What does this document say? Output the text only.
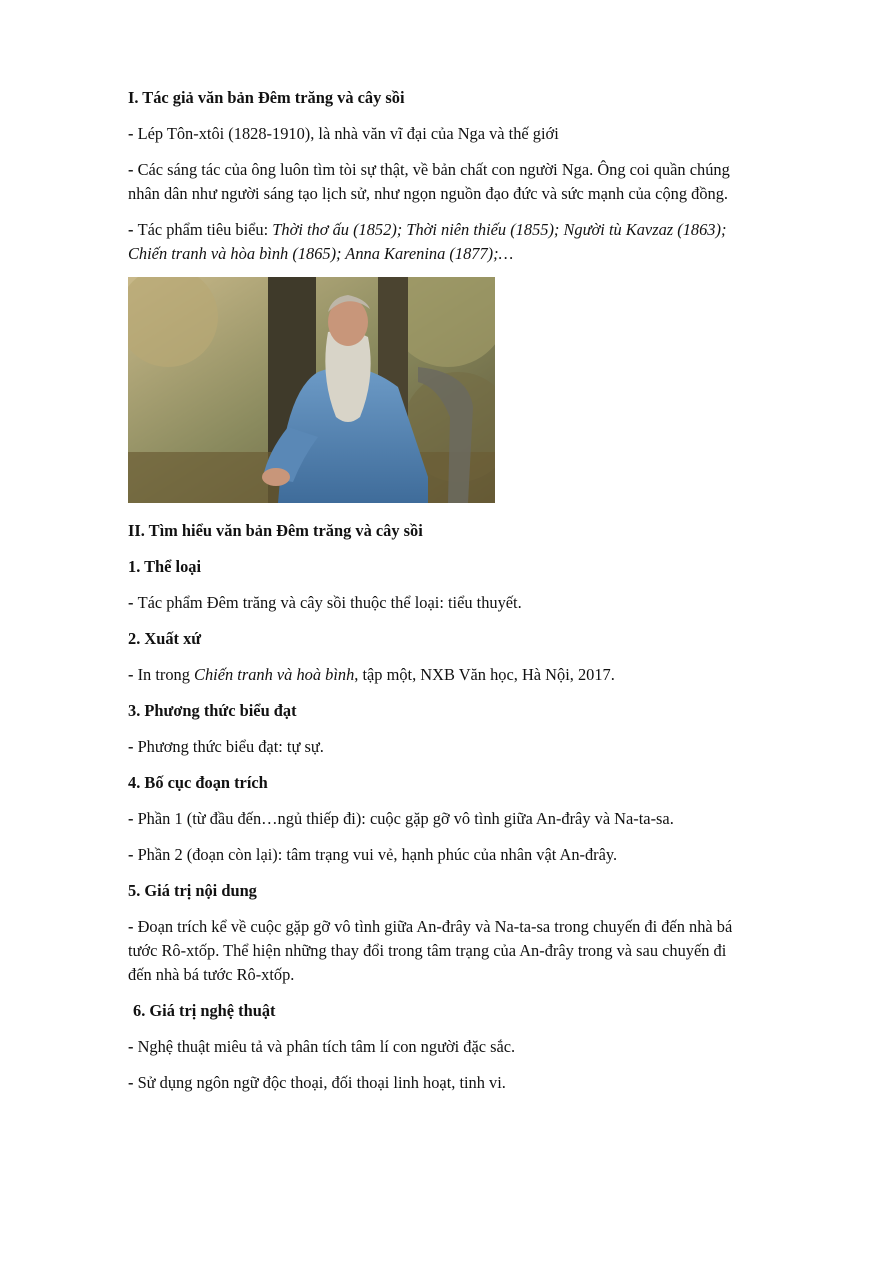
I. Tác giả văn bản Đêm trăng và cây sồi
- Lép Tôn-xtôi (1828-1910), là nhà văn vĩ đại của Nga và thế giới
- Các sáng tác của ông luôn tìm tòi sự thật, về bản chất con người Nga. Ông coi quần chúng
nhân dân như người sáng tạo lịch sử, như ngọn nguồn đạo đức và sức mạnh của cộng đồng.
- Tác phẩm tiêu biểu: Thời thơ ấu (1852); Thời niên thiếu (1855); Người tù Kavzaz (1863);
Chiến tranh và hòa bình (1865); Anna Karenina (1877);…
II. Tìm hiểu văn bản Đêm trăng và cây sồi
1. Thể loại
- Tác phẩm Đêm trăng và cây sồi thuộc thể loại: tiểu thuyết.
2. Xuất xứ
- In trong Chiến tranh và hoà bình, tập một, NXB Văn học, Hà Nội, 2017.
3. Phương thức biểu đạt
- Phương thức biểu đạt: tự sự.
4. Bố cục đoạn trích
- Phần 1 (từ đầu đến…ngủ thiếp đi): cuộc gặp gỡ vô tình giữa An-đrây và Na-ta-sa.
- Phần 2 (đoạn còn lại): tâm trạng vui vẻ, hạnh phúc của nhân vật An-đrây.
5. Giá trị nội dung
- Đoạn trích kể về cuộc gặp gỡ vô tình giữa An-đrây và Na-ta-sa trong chuyến đi đến nhà bá
tước Rô-xtốp. Thể hiện những thay đổi trong tâm trạng của An-đrây trong và sau chuyến đi
đến nhà bá tước Rô-xtốp.
6. Giá trị nghệ thuật
- Nghệ thuật miêu tả và phân tích tâm lí con người đặc sắc.
- Sử dụng ngôn ngữ độc thoại, đối thoại linh hoạt, tinh vi.
